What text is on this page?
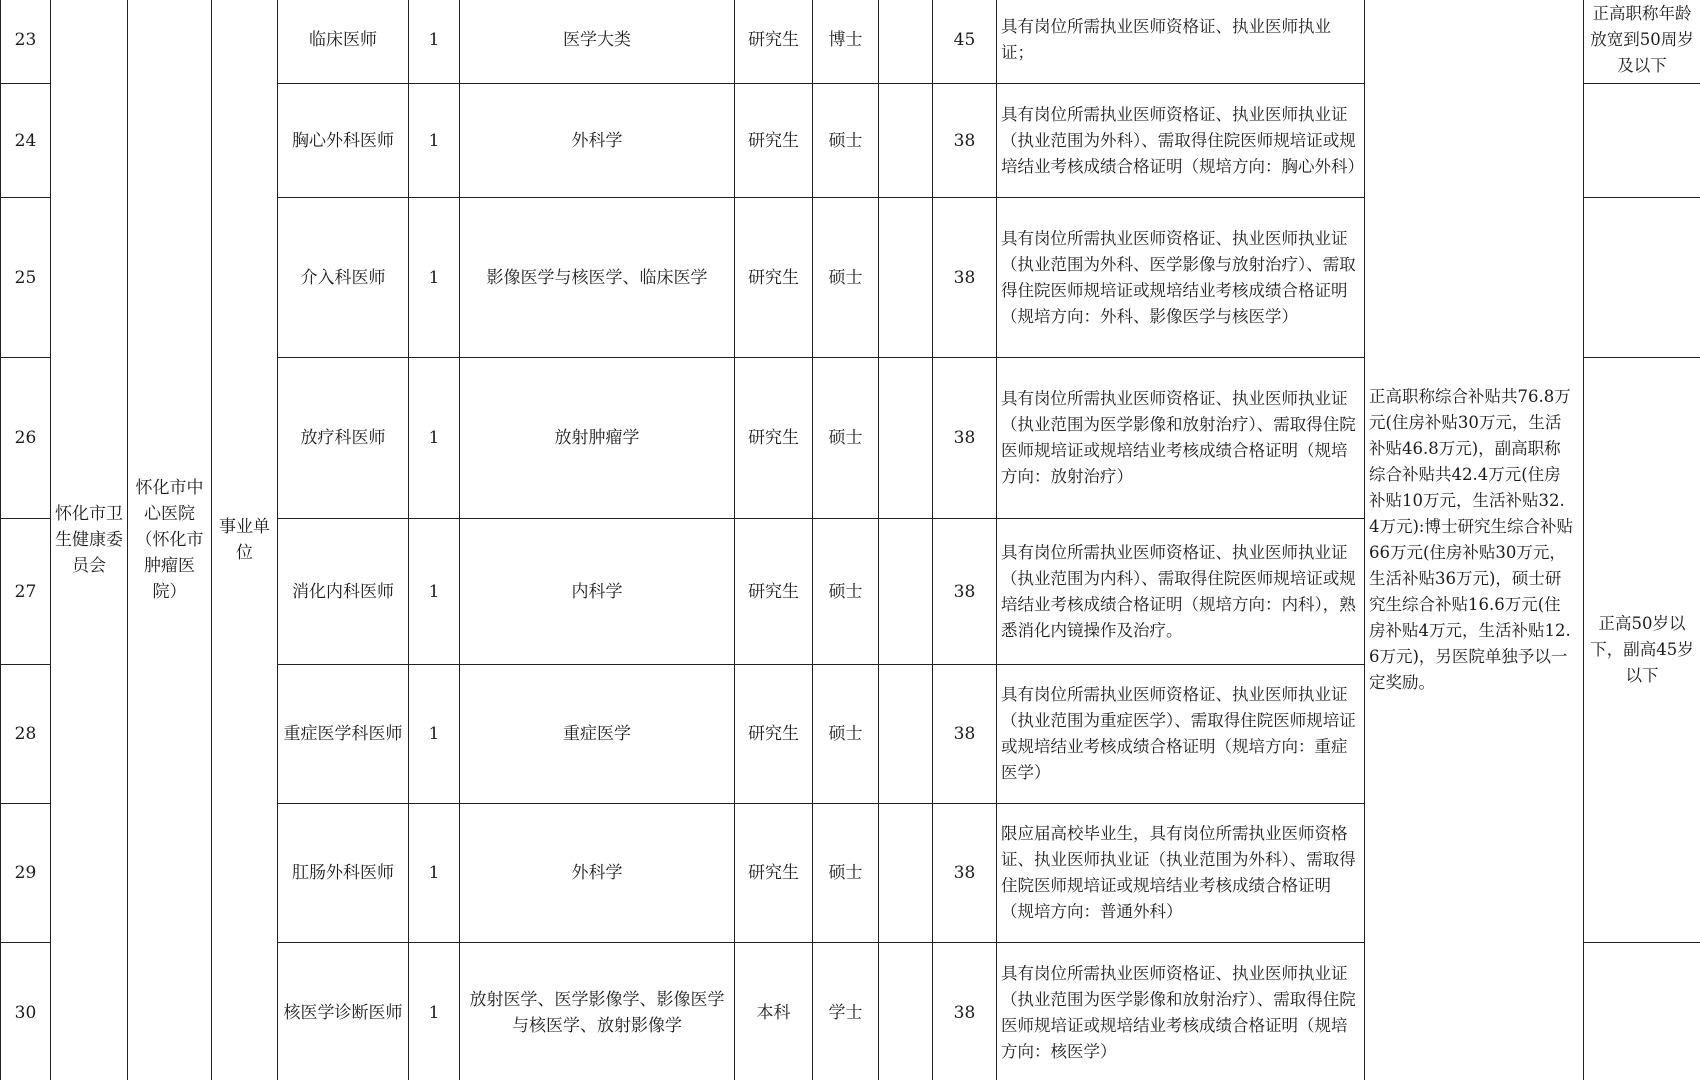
23	怀化市卫生健康委员会	怀化市中心医院（怀化市肿瘤医院）	事业单位	临床医师	1	医学大类	研究生	博士		45	具有岗位所需执业医师资格证、执业医师执业证；	正高职称综合补贴共76.8万元(住房补贴30万元，生活补贴46.8万元)，副高职称综合补贴共42.4万元(住房补贴10万元，生活补贴32.4万元):博士研究生综合补贴66万元(住房补贴30万元，生活补贴36万元)，硕士研究生综合补贴16.6万元(住房补贴4万元，生活补贴12.6万元)，另医院单独予以一定奖励。	正高职称年龄放宽到50周岁及以下
24				胸心外科医师	1	外科学	研究生	硕士		38	具有岗位所需执业医师资格证、执业医师执业证（执业范围为外科）、需取得住院医师规培证或规培结业考核成绩合格证明（规培方向：胸心外科）		
25				介入科医师	1	影像医学与核医学、临床医学	研究生	硕士		38	具有岗位所需执业医师资格证、执业医师执业证（执业范围为外科、医学影像与放射治疗）、需取得住院医师规培证或规培结业考核成绩合格证明（规培方向：外科、影像医学与核医学）		
26				放疗科医师	1	放射肿瘤学	研究生	硕士		38	具有岗位所需执业医师资格证、执业医师执业证（执业范围为医学影像和放射治疗）、需取得住院医师规培证或规培结业考核成绩合格证明（规培方向：放射治疗）		正高50岁以下，副高45岁以下
27				消化内科医师	1	内科学	研究生	硕士		38	具有岗位所需执业医师资格证、执业医师执业证（执业范围为内科）、需取得住院医师规培证或规培结业考核成绩合格证明（规培方向：内科），熟悉消化内镜操作及治疗。		
28				重症医学科医师	1	重症医学	研究生	硕士		38	具有岗位所需执业医师资格证、执业医师执业证（执业范围为重症医学）、需取得住院医师规培证或规培结业考核成绩合格证明（规培方向：重症医学）		
29				肛肠外科医师	1	外科学	研究生	硕士		38	限应届高校毕业生，具有岗位所需执业医师资格证、执业医师执业证（执业范围为外科）、需取得住院医师规培证或规培结业考核成绩合格证明（规培方向：普通外科）		
30				核医学诊断医师	1	放射医学、医学影像学、影像医学与核医学、放射影像学	本科	学士		38	具有岗位所需执业医师资格证、执业医师执业证（执业范围为医学影像和放射治疗）、需取得住院医师规培证或规培结业考核成绩合格证明（规培方向：核医学）		
